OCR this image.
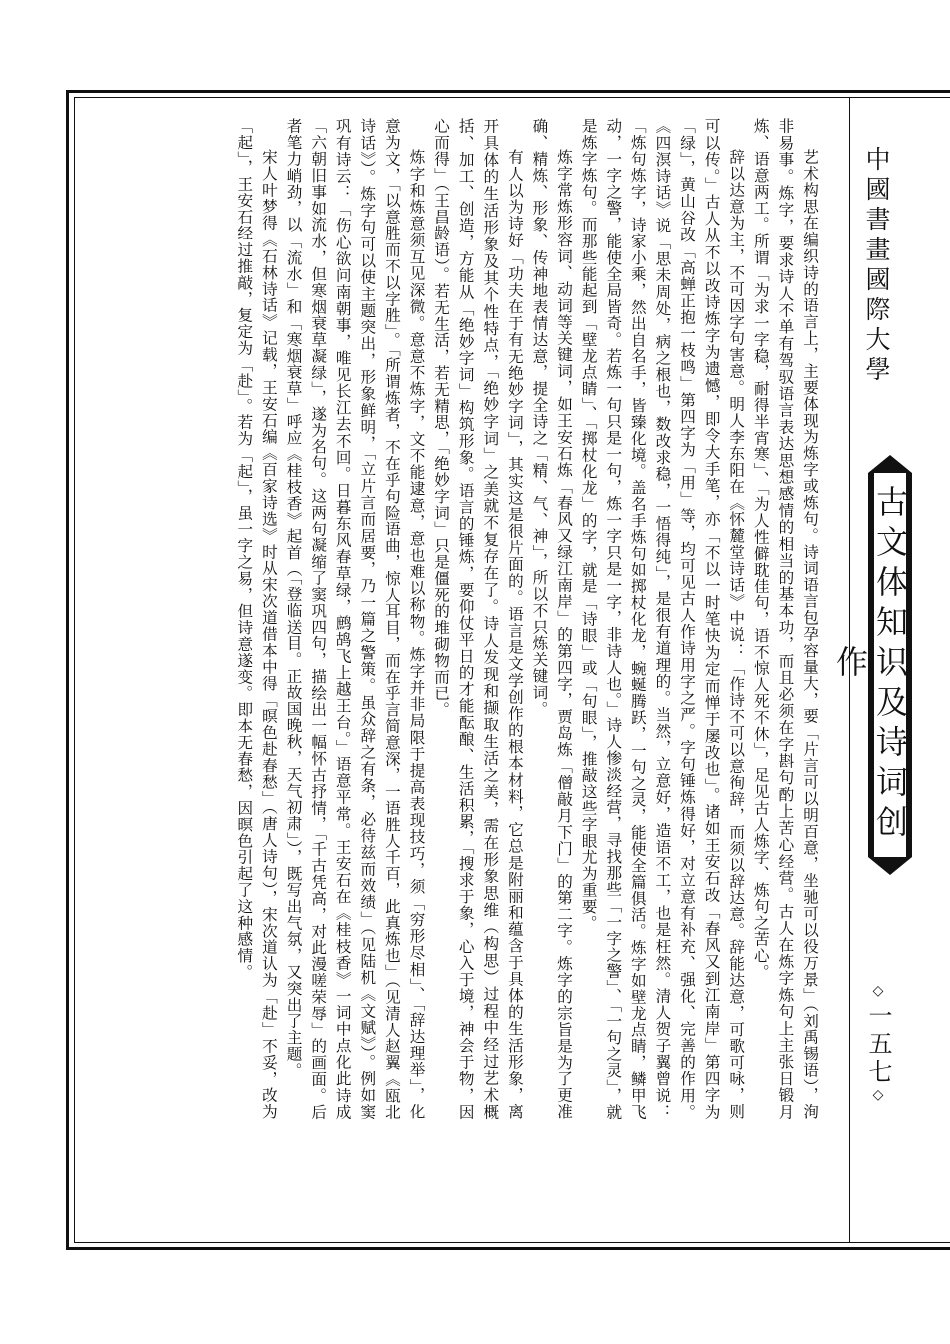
中國書畫國際大學
古文体知识及诗词创作
◇一五七◇

艺术构思在编织诗的语言上，主要体现为炼字或炼句。诗词语言包孕容量大，要「片言可以明百意，坐驰可以役万景」（刘禹锡语），洵非易事。炼字，要求诗人不单有驾驭语言表达思想感情的相当的基本功，而且必须在字斟句酌上苦心经营。古人在炼字炼句上主张日锻月炼、语意两工。所谓「为求一字稳，耐得半宵寒」、「为人性僻耽佳句，语不惊人死不休」，足见古人炼字、炼句之苦心。

辞以达意为主，不可因字句害意。明人李东阳在《怀麓堂诗话》中说：「作诗不可以意徇辞，而须以辞达意。辞能达意，可歌可咏，则可以传。」古人从不以改诗炼字为遗憾，即令大手笔，亦「不以一时笔快为定而惮于屡改也」。诸如王安石改「春风又到江南岸」第四字为「绿」，黄山谷改「高蝉正抱一枝鸣」第四字为「用」等，均可见古人作诗用字之严。字句锤炼得好，对立意有补充、强化、完善的作用。《四溟诗话》说「思未周处，病之根也，数改求稳，一悟得纯」，是很有道理的。当然，立意好，造语不工，也是枉然。清人贺子翼曾说：「炼句炼字，诗家小乘，然出自名手，皆臻化境。盖名手炼句如掷杖化龙，蜿蜒腾跃，一句之灵，能使全篇俱活。炼字如壁龙点睛，鳞甲飞动，一字之警，能使全局皆奇。若炼一句只是一句，炼一字只是一字，非诗人也。」诗人惨淡经营，寻找那些「一字之警」、「一句之灵」，就是炼字炼句。而那些能起到「壁龙点睛」、「掷杖化龙」的字，就是「诗眼」或「句眼」，推敲这些字眼尤为重要。

炼字常炼形容词、动词等关键词，如王安石炼「春风又绿江南岸」的第四字，贾岛炼「僧敲月下门」的第二字。炼字的宗旨是为了更准确、精炼、形象、传神地表情达意，提全诗之「精、气、神」，所以不只炼关键词。

有人以为诗好「功夫在于有无绝妙字词」，其实这是很片面的。语言是文学创作的根本材料，它总是附丽和蕴含于具体的生活形象，离开具体的生活形象及其个性特点，「绝妙字词」之美就不复存在了。诗人发现和撷取生活之美，需在形象思维（构思）过程中经过艺术概括、加工、创造，方能从「绝妙字词」构筑形象。语言的锤炼，要仰仗平日的才能酝酿、生活积累，「搜求于象，心入于境，神会于物，因心而得」（王昌龄语）。若无生活，若无精思，「绝妙字词」只是僵死的堆砌物而已。

炼字和炼意须互见深微。意意不炼字，文不能逮意，意也难以称物。炼字并非局限于提高表现技巧，须「穷形尽相」、「辞达理举」，化意为文，「以意胜而不以字胜」。「所谓炼者，不在乎句险语曲，惊人耳目，而在乎言简意深，一语胜人千百，此真炼也」（见清人赵翼《瓯北诗话》）。炼字句可以使主题突出，形象鲜明，「立片言而居要，乃一篇之警策。虽众辞之有条，必待兹而效绩」（见陆机《文赋》）。例如窦巩有诗云：「伤心欲问南朝事，唯见长江去不回。日暮东风春草绿，鹧鸪飞上越王台。」语意平常。王安石在《桂枝香》一词中点化此诗成「六朝旧事如流水，但寒烟衰草凝绿」，遂为名句。这两句凝缩了窦巩四句，描绘出一幅怀古抒情，「千古凭高，对此漫嗟荣辱」的画面。后者笔力峭劲，以「流水」和「寒烟衰草」呼应《桂枝香》起首（「登临送目。正故国晚秋，天气初肃」），既写出气氛，又突出了主题。

宋人叶梦得《石林诗话》记载，王安石编《百家诗选》时从宋次道借本中得「暝色赴春愁」（唐人诗句），宋次道认为「赴」不妥，改为「起」，王安石经过推敲，复定为「赴」。若为「起」，虽一字之易，但诗意遂变。即本无春愁，因暝色引起了这种感情。
